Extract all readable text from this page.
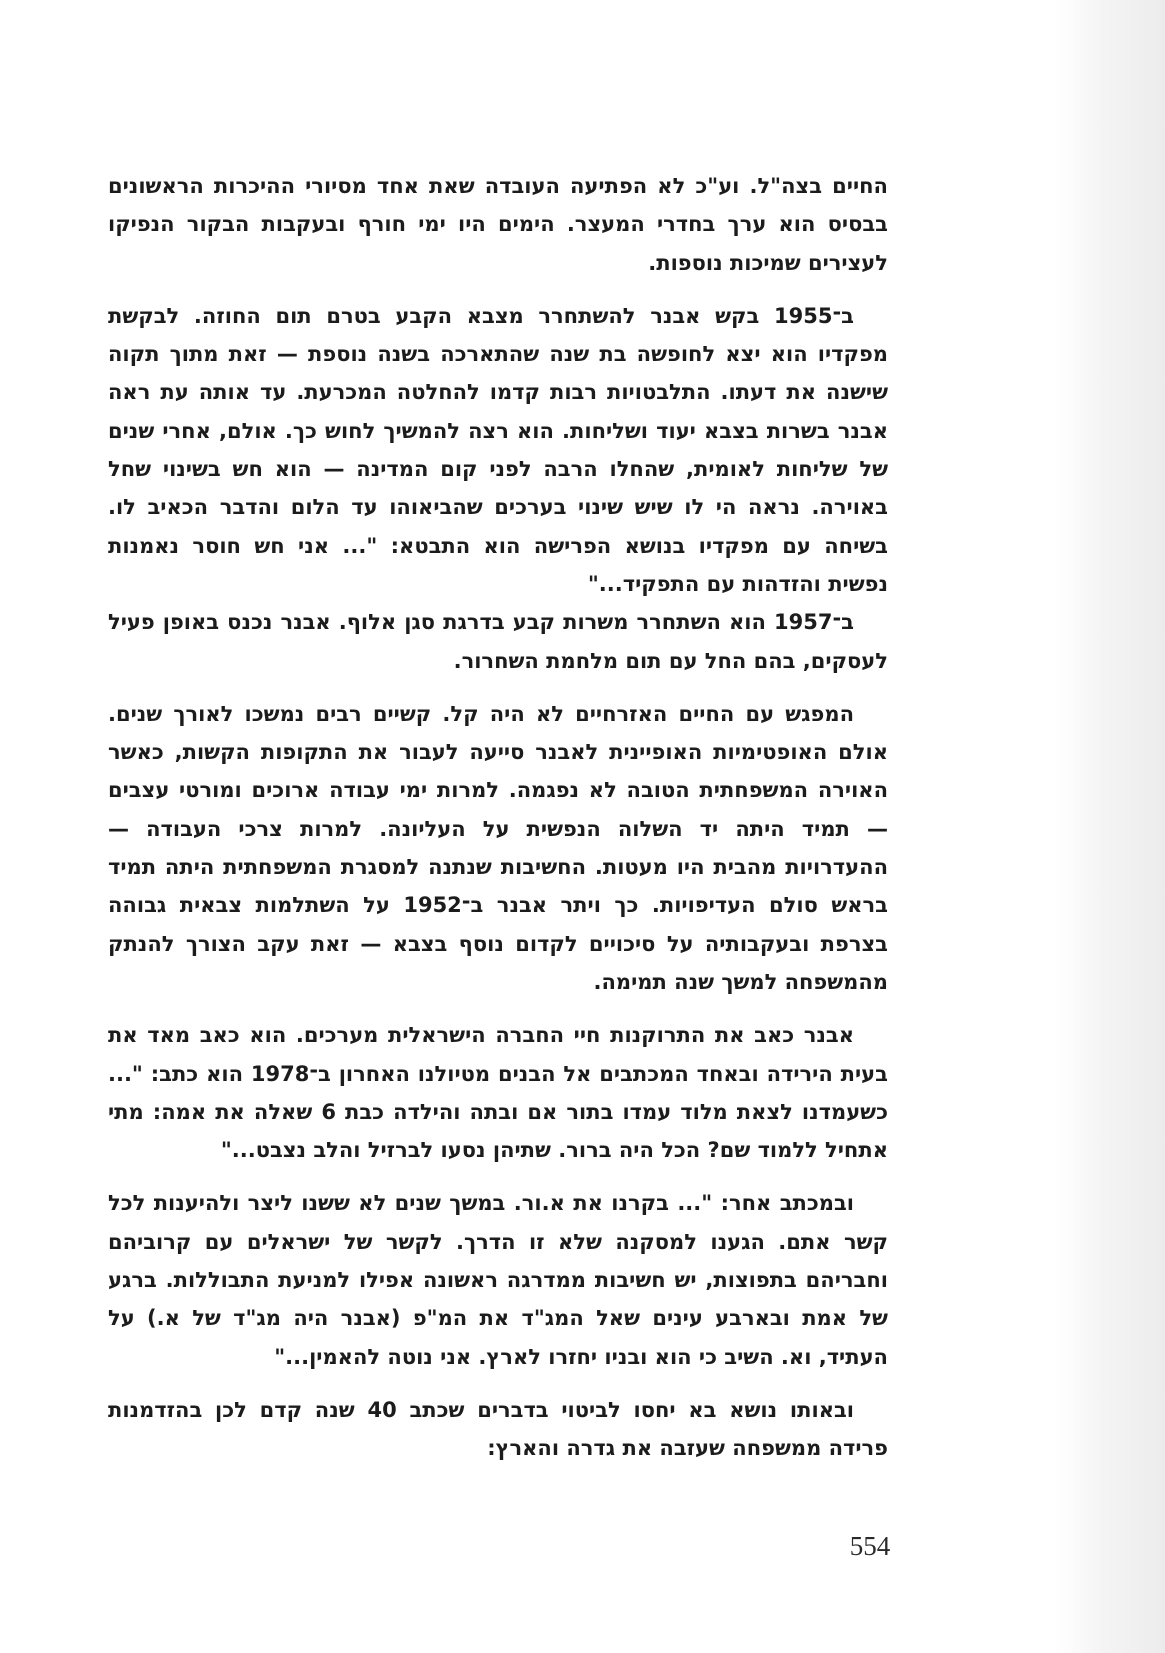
החיים בצה"ל. וע"כ לא הפתיעה העובדה שאת אחד מסיורי ההיכרות הראשונים בבסיס הוא ערך בחדרי המעצר. הימים היו ימי חורף ובעקבות הבקור הנפיקו לעצירים שמיכות נוספות.

ב־1955 בקש אבנר להשתחרר מצבא הקבע בטרם תום החוזה. לבקשת מפקדיו הוא יצא לחופשה בת שנה שהתארכה בשנה נוספת — זאת מתוך תקוה שישנה את דעתו. התלבטויות רבות קדמו להחלטה המכרעת. עד אותה עת ראה אבנר בשרות בצבא יעוד ושליחות. הוא רצה להמשיך לחוש כך. אולם, אחרי שנים של שליחות לאומית, שהחלו הרבה לפני קום המדינה — הוא חש בשינוי שחל באוירה. נראה הי לו שיש שינוי בערכים שהביאוהו עד הלום והדבר הכאיב לו. בשיחה עם מפקדיו בנושא הפרישה הוא התבטא: "... אני חש חוסר נאמנות נפשית והזדהות עם התפקיד..."

ב־1957 הוא השתחרר משרות קבע בדרגת סגן אלוף. אבנר נכנס באופן פעיל לעסקים, בהם החל עם תום מלחמת השחרור.

המפגש עם החיים האזרחיים לא היה קל. קשיים רבים נמשכו לאורך שנים. אולם האופטימיות האופיינית לאבנר סייעה לעבור את התקופות הקשות, כאשר האוירה המשפחתית הטובה לא נפגמה. למרות ימי עבודה ארוכים ומורטי עצבים — תמיד היתה יד השלוה הנפשית על העליונה. למרות צרכי העבודה — ההעדרויות מהבית היו מעטות. החשיבות שנתנה למסגרת המשפחתית היתה תמיד בראש סולם העדיפויות. כך ויתר אבנר ב־1952 על השתלמות צבאית גבוהה בצרפת ובעקבותיה על סיכויים לקדום נוסף בצבא — זאת עקב הצורך להנתק מהמשפחה למשך שנה תמימה.

אבנר כאב את התרוקנות חיי החברה הישראלית מערכים. הוא כאב מאד את בעית הירידה ובאחד המכתבים אל הבנים מטיולנו האחרון ב־1978 הוא כתב: "... כשעמדנו לצאת מלוד עמדו בתור אם ובתה והילדה כבת 6 שאלה את אמה: מתי אתחיל ללמוד שם? הכל היה ברור. שתיהן נסעו לברזיל והלב נצבט..."

ובמכתב אחר: "... בקרנו את א.ור. במשך שנים לא ששנו ליצר ולהיענות לכל קשר אתם. הגענו למסקנה שלא זו הדרך. לקשר של ישראלים עם קרוביהם וחבריהם בתפוצות, יש חשיבות ממדרגה ראשונה אפילו למניעת התבוללות. ברגע של אמת ובארבע עינים שאל המג"ד את המ"פ (אבנר היה מג"ד של א.) על העתיד, וא. השיב כי הוא ובניו יחזרו לארץ. אני נוטה להאמין..."

ובאותו נושא בא יחסו לביטוי בדברים שכתב 40 שנה קדם לכן בהזדמנות פרידה ממשפחה שעזבה את גדרה והארץ:

554
